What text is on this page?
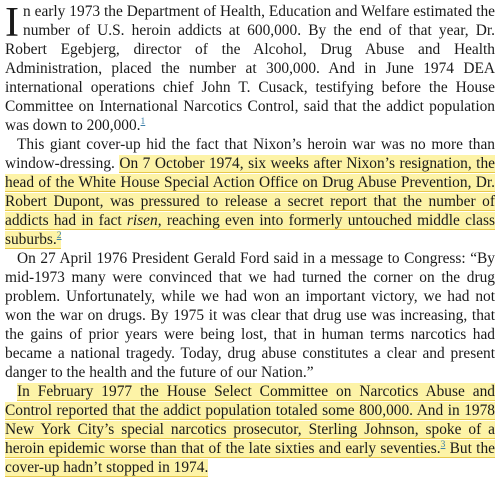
In early 1973 the Department of Health, Education and Welfare estimated the number of U.S. heroin addicts at 600,000. By the end of that year, Dr. Robert Egebjerg, director of the Alcohol, Drug Abuse and Health Administration, placed the number at 300,000. And in June 1974 DEA international operations chief John T. Cusack, testifying before the House Committee on International Narcotics Control, said that the addict population was down to 200,000.$^1$

This giant cover-up hid the fact that Nixon’s heroin war was no more than window-dressing. On 7 October 1974, six weeks after Nixon’s resignation, the head of the White House Special Action Office on Drug Abuse Prevention, Dr. Robert Dupont, was pressured to release a secret report that the number of addicts had in fact risen, reaching even into formerly untouched middle class suburbs.$^2$

On 27 April 1976 President Gerald Ford said in a message to Congress: “By mid-1973 many were convinced that we had turned the corner on the drug problem. Unfortunately, while we had won an important victory, we had not won the war on drugs. By 1975 it was clear that drug use was increasing, that the gains of prior years were being lost, that in human terms narcotics had became a national tragedy. Today, drug abuse constitutes a clear and present danger to the health and the future of our Nation.”

In February 1977 the House Select Committee on Narcotics Abuse and Control reported that the addict population totaled some 800,000. And in 1978 New York City’s special narcotics prosecutor, Sterling Johnson, spoke of a heroin epidemic worse than that of the late sixties and early seventies.$^3$ But the cover-up hadn’t stopped in 1974.
